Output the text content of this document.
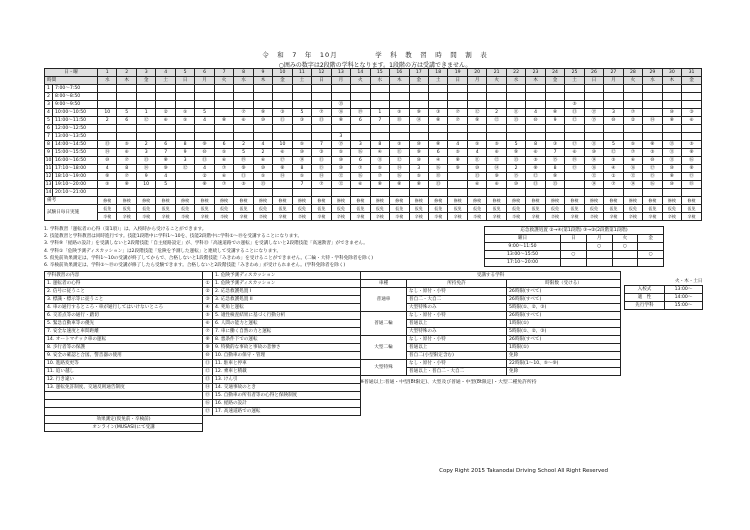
令　和　7　年　10月　　　　　学　科　教　習　時　間　割　表
○囲みの数字は2段階の学科となります。1段階の方は受講できません。
日・曜		1	2	3	4	5	6	7	8	9	10	11	12	13	14	15	16	17	18	19	20	21	22	23	24	25	26	27	28	29	30	31
時間		水	木	金	土	日	月	火	水	木	金	土	日	月	火	水	木	金	土	日	月	火	水	木	金	土	日	月	火	水	木	金
1	7:00〜7:50																															
2	8:00〜8:50																															
3	9:00〜9:50													⑬												⑤						
4	10:00〜10:50	10	5	1	②	⑤	5		⑦	⑨	③	5	⑦	⑯	⑲	1	⑤	⑨	③	⑦	⑫	2	⑪	4	⑧	⑬	⑰	3	⑦		⑩	③
5	11:00〜11:50	2	6	⑫	⑥	⑤	4	⑧	⑥	⑩	⑪	③	⑬	⑧	6	7	⑱	⑭	⑧	⑦	⑨	⑫	⑬	⑩	9	⑫	⑮	⑩	②	⑭	⑧	⑥
6	12:00〜12:50																															
7	13:00〜13:50													3																		
8	14:00〜14:50	⑬	⑤	2	6	8	⑨	6	2	4	10	⑤	7	⑮	3	8	⑤	⑩	⑧	4	⑤	⑤	5	8	③	⑰	⑪	5	⑤	⑧	⑬	⑤
9	15:00〜15:50	⑭	⑥	3	7	9	⑩	⑤	5	2	⑥	⑩	③	⑤	⑯	④	⑪	⑨	6	⑤	4	⑥	⑨	⑥	7	⑥	⑩	⑫	⑦	⑤	⑪	⑧
10	16:00〜16:50	⑩	⑦	⑬	⑧	3	⑬	⑥	⑲	⑥	⑰	⑭	⑪	⑩	6	⑪	⑫	⑩	④	⑧	⑪	⑫	⑬	⑤	⑮	⑲	⑭	⑤	⑥	⑩	⑪	⑯
11	17:10〜18:00	4	8	⑭	⑨	⑫	4	⑦	⑨	⑩	⑧	8	⑮	⑩	⑦	⑤	⑭	3	⑯	⑨	⑩	⑭	2	⑧	8	⑮	⑯	④	⑯	⑰	⑩	⑧
12	18:10〜19:00	⑨	⑦	9	4		②	⑥	⑪	⑤	⑭	⑤	⑭	⑫	⑯	⑦	⑯	⑤	⑱		⑬	⑨	⑮	⑫	⑨		⑫	①	⑫	⑮	⑧	⑮
13	19:10〜20:00	⑤	⑧	10	5		⑧	⑦	⑤	⑬		7	⑦	⑫	⑥	⑧	⑧	⑧	⑬		⑥	⑥	⑩	⑬	⑬		⑭	⑦	⑭	⑯	⑩	⑱
14	20:10〜21:00																															
備考		修検	修検	修検	修検	修検	修検	修検	修検	修検	修検	修検	修検	修検	修検	修検	修検	修検	修検	修検	修検	修検	修検	修検	修検	修検	修検	修検	修検	修検	修検	修検
試験日毎日実施		仮免	仮免	仮免	仮免	仮免	仮免	仮免	仮免	仮免	仮免	仮免	仮免	仮免	仮免	仮免	仮免	仮免	仮免	仮免	仮免	仮免	仮免	仮免	仮免	仮免	仮免	仮免	仮免	仮免	仮免	仮免
		卒検	卒検	卒検	卒検	卒検	卒検	卒検	卒検	卒検	卒検	卒検	卒検	卒検	卒検	卒検	卒検	卒検	卒検	卒検	卒検	卒検	卒検	卒検	卒検	卒検	卒検	卒検	卒検	卒検	卒検	卒検
1. 学科教習「運転者の心得（第1項）」は、入校時から受けることができます。
2. 技能教習と学科教習は同時進行です。技能1段階中に学科1〜10を、技能2段階中に学科①〜⑲を受講することになります。
3. 学科⑨「経路の設計」を受講しないと2段階技能「自主経路設定」が、学科⑬「高速道路での運転」を受講しないと2段階技能「高速教習」ができません。
4. 学科①「危険予測ディスカッション」は2段階技能「危険を予測した運転」と連続して受講することになります。
5. 仮免前効果測定は、学科1〜10の受講が終了してからで、合格しないと1段階技能「みきわめ」を受けることができません。(二輪・大特・学科免除者を除く)
6. 卒検前効果測定は、学科①〜⑲の受講が修了したら受験できます。合格しないと2段階技能「みきわめ」が受けられません。(学科免除者を除く)
応急救護処置 ②→④(第1段階) ③→②(2段階第1段階)				
曜日	日	月	火	金
9:00〜11:50		○	○	
13:00〜15:50	○			○
17:10〜20:00				
学科教習の内容		1. 危険予測ディスカッション
1. 運転者の心得	①	1. 危険予測ディスカッション
2. 信号に従うこと	②	2. 応急救護処置 I
3. 標識・標示等に従うこと	③	3. 応急救護処置 II
4. 車の通行するところ・車が通行してはいけないところ	④	4. 死角と運転
6. 交差点等の通行・踏切	⑤	5. 適性検査結果に基づく行動分析
5. 緊急自動車等の優先	⑥	6. 人間の能力と運転
7. 安全な速度と車間距離	⑦	7. 車に働く自然の力と運転
14. オートマチック車の運転	⑧	8. 悪条件下での運転
8. 歩行者等の保護	⑨	9. 特徴的な事故と事故の悲惨さ
9. 安全の確認と合図、警音器の使用	⑩	10. 自動車の保守・管理
10. 進路変更等	⑪	11. 駐車と停車
11. 追い越し	⑫	12. 乗車と積載
12. 行き違い	⑬	13. けん引
13. 運転免許制度、交通反則通告制度	⑭	14. 交通事故のとき
	⑮	15. 自動車の所有者等の心得と保険制度
	⑯	16. 経路の設計
	⑰	17. 高速道路での運転
効果測定(仮免前・卒検前)		
オンライン(MUSASI)にて受講		
受講する学科		
車種	所持免許	時限数（受ける）
普通車	なし・原付・小特	26時限(すべて)
	普自二・大自二	26時限(すべて)
	大型特殊のみ	5時限(①、②、③)
普通二輪	なし・原付・小特	26時限(すべて)
	普通以上	1時限(①)
	大型特殊のみ	5時限(①、②、③)
大型二輪	なし・原付・小特	26時限(すべて)
	普通以上	1時限(①)
	普自二(小型限定含む)	免除
大型特殊	なし・原付・小特	22時限(1〜10、⑤〜⑨)
	普通以上・普自二・大自二	免除
※普通以上:普通・中型(8t限定)、大型及び普通・中型(8t限定)・大型二種免許所持
火・木・土日	
入校式	13:00〜
適　性	14:00〜
先行学科	15:00〜
Copy Right 2015 Takanodai Driving School All Right Reserved
